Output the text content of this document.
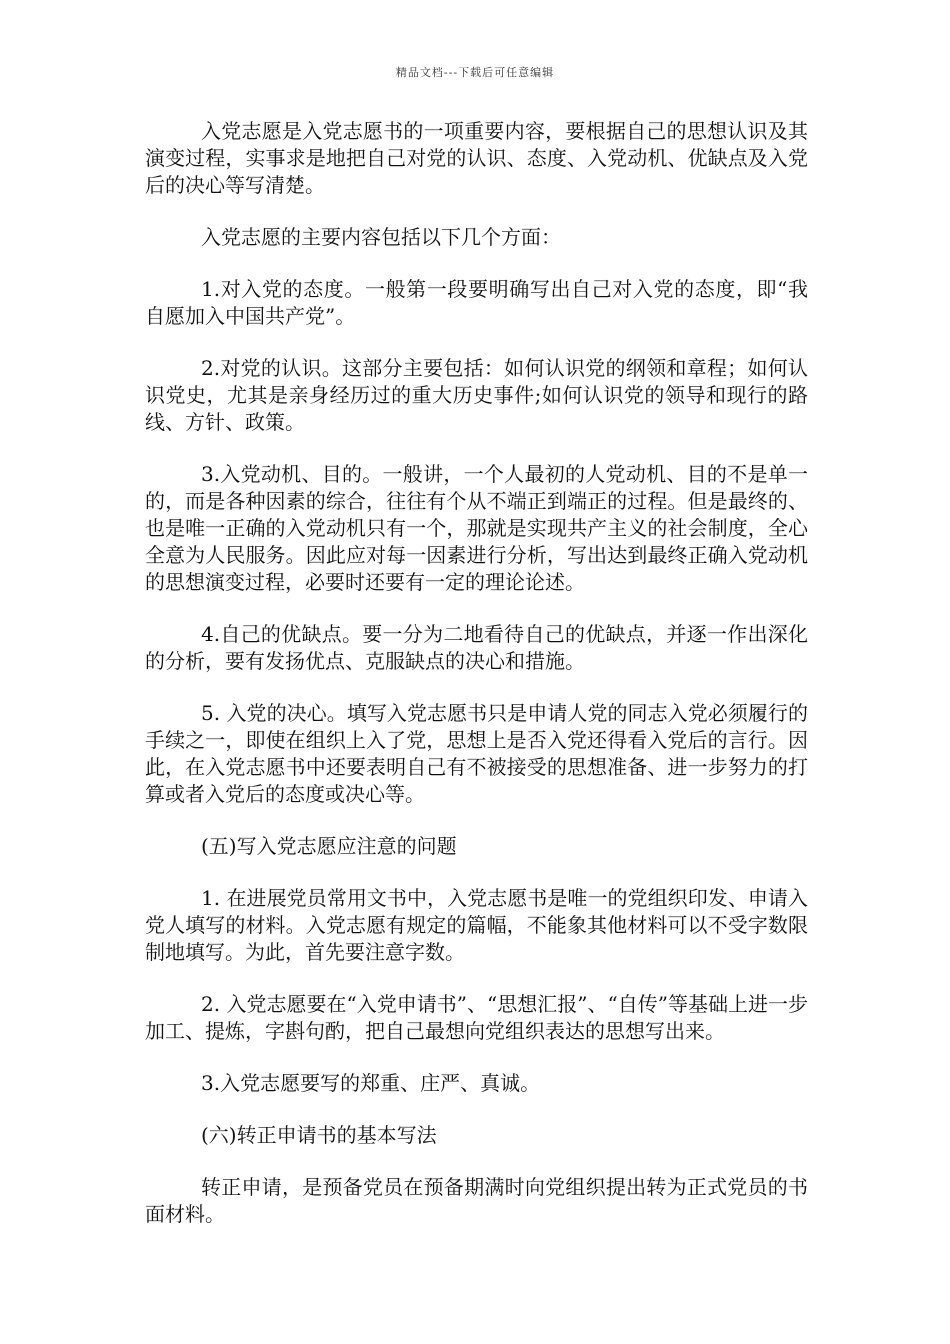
精品文档---下载后可任意编辑

入党志愿是入党志愿书的一项重要内容，要根据自己的思想认识及其演变过程，实事求是地把自己对党的认识、态度、入党动机、优缺点及入党后的决心等写清楚。

入党志愿的主要内容包括以下几个方面：

1.对入党的态度。一般第一段要明确写出自己对入党的态度，即“我自愿加入中国共产党”。

2.对党的认识。这部分主要包括：如何认识党的纲领和章程；如何认识党史，尤其是亲身经历过的重大历史事件;如何认识党的领导和现行的路线、方针、政策。

3.入党动机、目的。一般讲，一个人最初的人党动机、目的不是单一的，而是各种因素的综合，往往有个从不端正到端正的过程。但是最终的、也是唯一正确的入党动机只有一个，那就是实现共产主义的社会制度，全心全意为人民服务。因此应对每一因素进行分析，写出达到最终正确入党动机的思想演变过程，必要时还要有一定的理论论述。

4.自己的优缺点。要一分为二地看待自己的优缺点，并逐一作出深化的分析，要有发扬优点、克服缺点的决心和措施。

5. 入党的决心。填写入党志愿书只是申请人党的同志入党必须履行的手续之一，即使在组织上入了党，思想上是否入党还得看入党后的言行。因此，在入党志愿书中还要表明自己有不被接受的思想准备、进一步努力的打算或者入党后的态度或决心等。

(五)写入党志愿应注意的问题

1. 在进展党员常用文书中，入党志愿书是唯一的党组织印发、申请入党人填写的材料。入党志愿有规定的篇幅，不能象其他材料可以不受字数限制地填写。为此，首先要注意字数。

2. 入党志愿要在“入党申请书”、“思想汇报”、“自传”等基础上进一步加工、提炼，字斟句酌，把自己最想向党组织表达的思想写出来。

3.入党志愿要写的郑重、庄严、真诚。

(六)转正申请书的基本写法

转正申请，是预备党员在预备期满时向党组织提出转为正式党员的书面材料。
